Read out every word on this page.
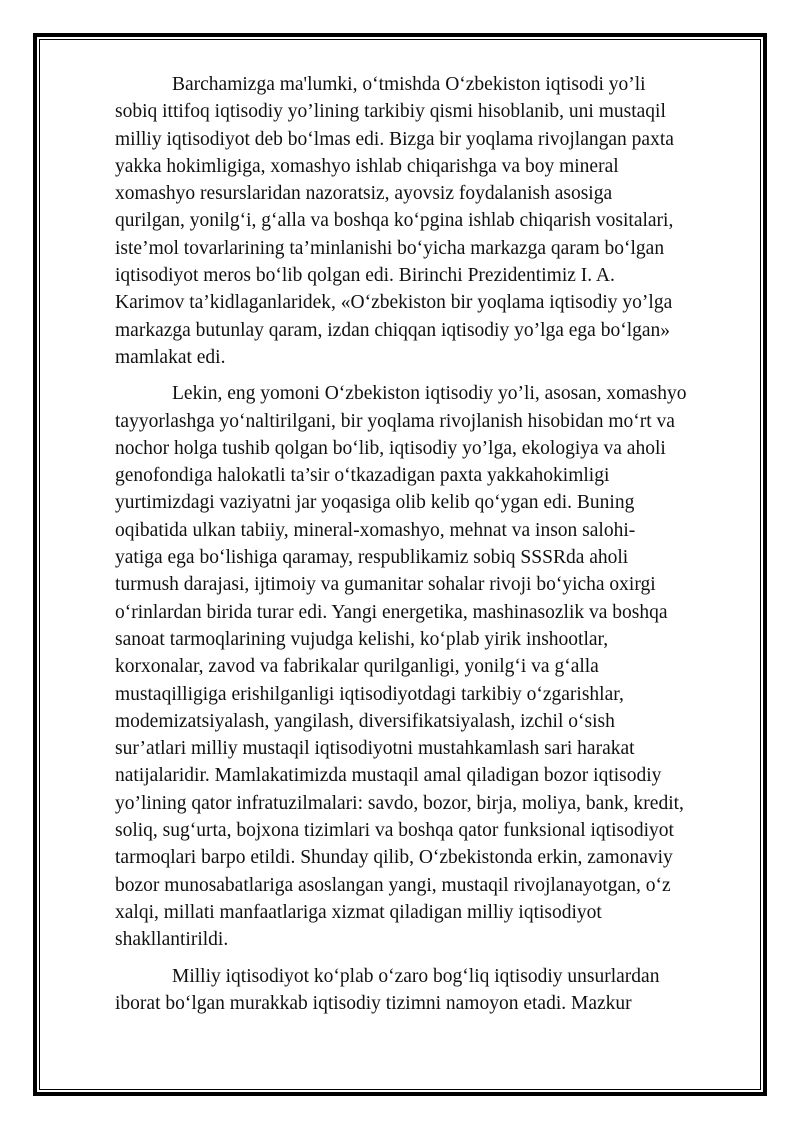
Barchamizga ma'lumki, o‘tmishda O‘zbekiston iqtisodi yo’li
sobiq ittifoq iqtisodiy yo’lining tarkibiy qismi hisoblanib, uni mustaqil
milliy iqtisodiyot deb bo‘lmas edi. Bizga bir yoqlama rivojlangan paxta
yakka hokimligiga, xomashyo ishlab chiqarishga va boy mineral
xomashyo resurslaridan nazoratsiz, ayovsiz foydalanish asosiga
qurilgan, yonilg‘i, g‘alla va boshqa ko‘pgina ishlab chiqarish vositalari,
iste’mol tovarlarining ta’minlanishi bo‘yicha markazga qaram bo‘lgan
iqtisodiyot meros bo‘lib qolgan edi. Birinchi Prezidentimiz I. A.
Karimov ta’kidlaganlaridek, «O‘zbekiston bir yoqlama iqtisodiy yo’lga
markazga butunlay qaram, izdan chiqqan iqtisodiy yo’lga ega bo‘lgan»
mamlakat edi.
Lekin, eng yomoni O‘zbekiston iqtisodiy yo’li, asosan, xomashyo
tayyorlashga yo‘naltirilgani, bir yoqlama rivojlanish hisobidan mo‘rt va
nochor holga tushib qolgan bo‘lib, iqtisodiy yo’lga, ekologiya va aholi
genofondiga halokatli ta’sir o‘tkazadigan paxta yakkahokimligi
yurtimizdagi vaziyatni jar yoqasiga olib kelib qo‘ygan edi. Buning
oqibatida ulkan tabiiy, mineral-xomashyo, mehnat va inson salohi-
yatiga ega bo‘lishiga qaramay, respublikamiz sobiq SSSRda aholi
turmush darajasi, ijtimoiy va gumanitar sohalar rivoji bo‘yicha oxirgi
o‘rinlardan birida turar edi. Yangi energetika, mashinasozlik va boshqa
sanoat tarmoqlarining vujudga kelishi, ko‘plab yirik inshootlar,
korxonalar, zavod va fabrikalar qurilganligi, yonilg‘i va g‘alla
mustaqilligiga erishilganligi iqtisodiyotdagi tarkibiy o‘zgarishlar,
modemizatsiyalash, yangilash, diversifikatsiyalash, izchil o‘sish
sur’atlari milliy mustaqil iqtisodiyotni mustahkamlash sari harakat
natijalaridir. Mamlakatimizda mustaqil amal qiladigan bozor iqtisodiy
yo’lining qator infratuzilmalari: savdo, bozor, birja, moliya, bank, kredit,
soliq, sug‘urta, bojxona tizimlari va boshqa qator funksional iqtisodiyot
tarmoqlari barpo etildi. Shunday qilib, O‘zbekistonda erkin, zamonaviy
bozor munosabatlariga asoslangan yangi, mustaqil rivojlanayotgan, o‘z
xalqi, millati manfaatlariga xizmat qiladigan milliy iqtisodiyot
shakllantirildi.
Milliy iqtisodiyot ko‘plab o‘zaro bog‘liq iqtisodiy unsurlardan
iborat bo‘lgan murakkab iqtisodiy tizimni namoyon etadi. Mazkur
